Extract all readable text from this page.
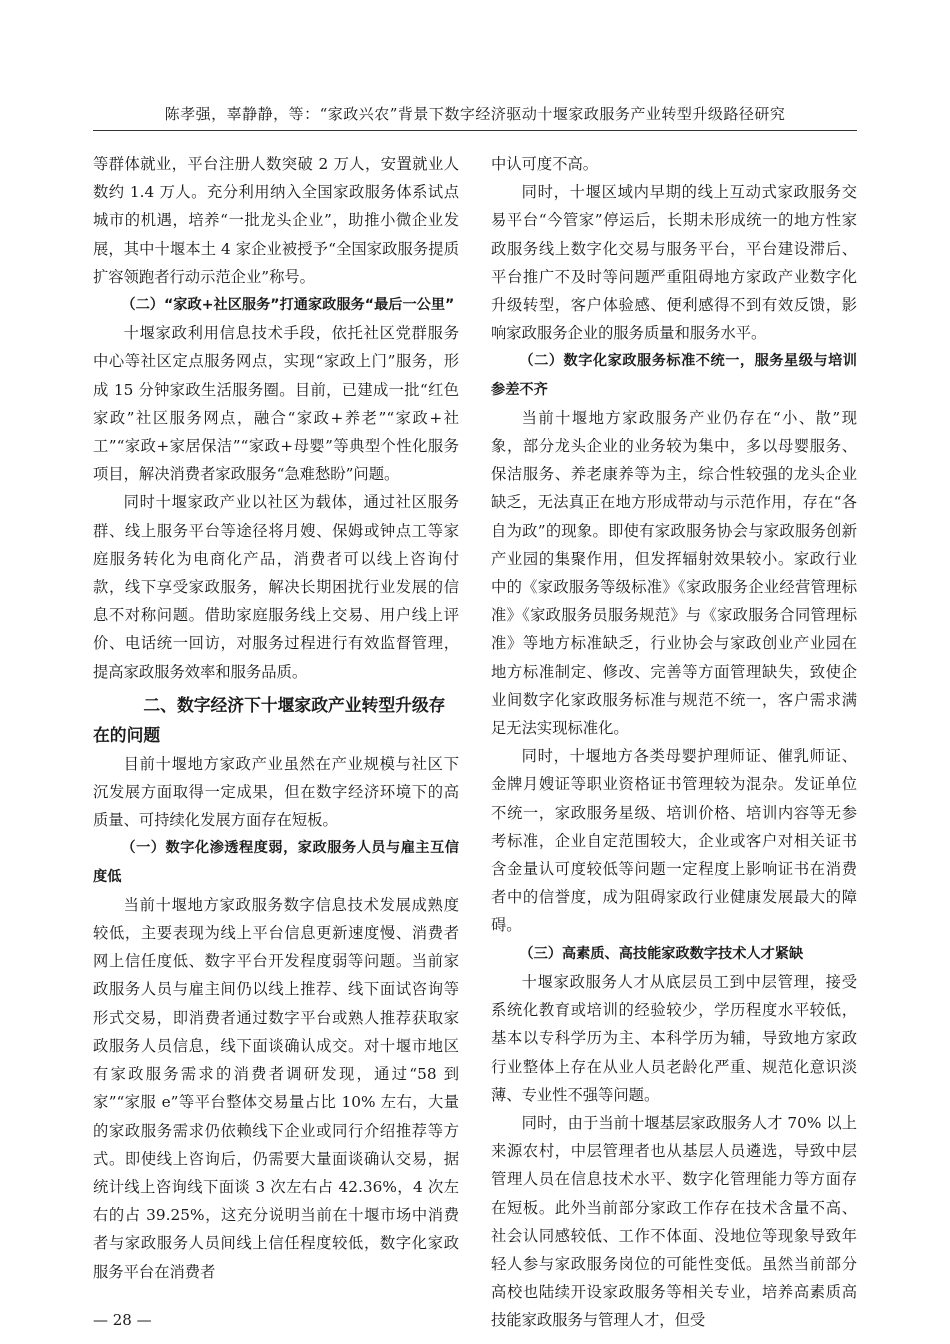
陈孝强，辜静静，等：“家政兴农”背景下数字经济驱动十堰家政服务产业转型升级路径研究

等群体就业，平台注册人数突破 2 万人，安置就业人数约 1.4 万人。充分利用纳入全国家政服务体系试点城市的机遇，培养“一批龙头企业”，助推小微企业发展，其中十堰本土 4 家企业被授予“全国家政服务提质扩容领跑者行动示范企业”称号。

（二）“家政+社区服务”打通家政服务“最后一公里”

十堰家政利用信息技术手段，依托社区党群服务中心等社区定点服务网点，实现“家政上门”服务，形成 15 分钟家政生活服务圈。目前，已建成一批“红色家政”社区服务网点，融合“家政+养老”“家政+社工”“家政+家居保洁”“家政+母婴”等典型个性化服务项目，解决消费者家政服务“急难愁盼”问题。

同时十堰家政产业以社区为载体，通过社区服务群、线上服务平台等途径将月嫂、保姆或钟点工等家庭服务转化为电商化产品，消费者可以线上咨询付款，线下享受家政服务，解决长期困扰行业发展的信息不对称问题。借助家庭服务线上交易、用户线上评价、电话统一回访，对服务过程进行有效监督管理，提高家政服务效率和服务品质。

二、数字经济下十堰家政产业转型升级存在的问题

目前十堰地方家政产业虽然在产业规模与社区下沉发展方面取得一定成果，但在数字经济环境下的高质量、可持续化发展方面存在短板。

（一）数字化渗透程度弱，家政服务人员与雇主互信度低

当前十堰地方家政服务数字信息技术发展成熟度较低，主要表现为线上平台信息更新速度慢、消费者网上信任度低、数字平台开发程度弱等问题。当前家政服务人员与雇主间仍以线上推荐、线下面试咨询等形式交易，即消费者通过数字平台或熟人推荐获取家政服务人员信息，线下面谈确认成交。对十堰市地区有家政服务需求的消费者调研发现，通过“58 到家”“家服 e”等平台整体交易量占比 10% 左右，大量的家政服务需求仍依赖线下企业或同行介绍推荐等方式。即使线上咨询后，仍需要大量面谈确认交易，据统计线上咨询线下面谈 3 次左右占 42.36%，4 次左右的占 39.25%，这充分说明当前在十堰市场中消费者与家政服务人员间线上信任程度较低，数字化家政服务平台在消费者

中认可度不高。

同时，十堰区域内早期的线上互动式家政服务交易平台“今管家”停运后，长期未形成统一的地方性家政服务线上数字化交易与服务平台，平台建设滞后、平台推广不及时等问题严重阻碍地方家政产业数字化升级转型，客户体验感、便利感得不到有效反馈，影响家政服务企业的服务质量和服务水平。

（二）数字化家政服务标准不统一，服务星级与培训参差不齐

当前十堰地方家政服务产业仍存在“小、散”现象，部分龙头企业的业务较为集中，多以母婴服务、保洁服务、养老康养等为主，综合性较强的龙头企业缺乏，无法真正在地方形成带动与示范作用，存在“各自为政”的现象。即使有家政服务协会与家政服务创新产业园的集聚作用，但发挥辐射效果较小。家政行业中的《家政服务等级标准》《家政服务企业经营管理标准》《家政服务员服务规范》与《家政服务合同管理标准》等地方标准缺乏，行业协会与家政创业产业园在地方标准制定、修改、完善等方面管理缺失，致使企业间数字化家政服务标准与规范不统一，客户需求满足无法实现标准化。

同时，十堰地方各类母婴护理师证、催乳师证、金牌月嫂证等职业资格证书管理较为混杂。发证单位不统一，家政服务星级、培训价格、培训内容等无参考标准，企业自定范围较大，企业或客户对相关证书含金量认可度较低等问题一定程度上影响证书在消费者中的信誉度，成为阻碍家政行业健康发展最大的障碍。

（三）高素质、高技能家政数字技术人才紧缺

十堰家政服务人才从底层员工到中层管理，接受系统化教育或培训的经验较少，学历程度水平较低，基本以专科学历为主、本科学历为辅，导致地方家政行业整体上存在从业人员老龄化严重、规范化意识淡薄、专业性不强等问题。

同时，由于当前十堰基层家政服务人才 70% 以上来源农村，中层管理者也从基层人员遴选，导致中层管理人员在信息技术水平、数字化管理能力等方面存在短板。此外当前部分家政工作存在技术含量不高、社会认同感较低、工作不体面、没地位等现象导致年轻人参与家政服务岗位的可能性变低。虽然当前部分高校也陆续开设家政服务等相关专业，培养高素质高技能家政服务与管理人才，但受

— 28 —
